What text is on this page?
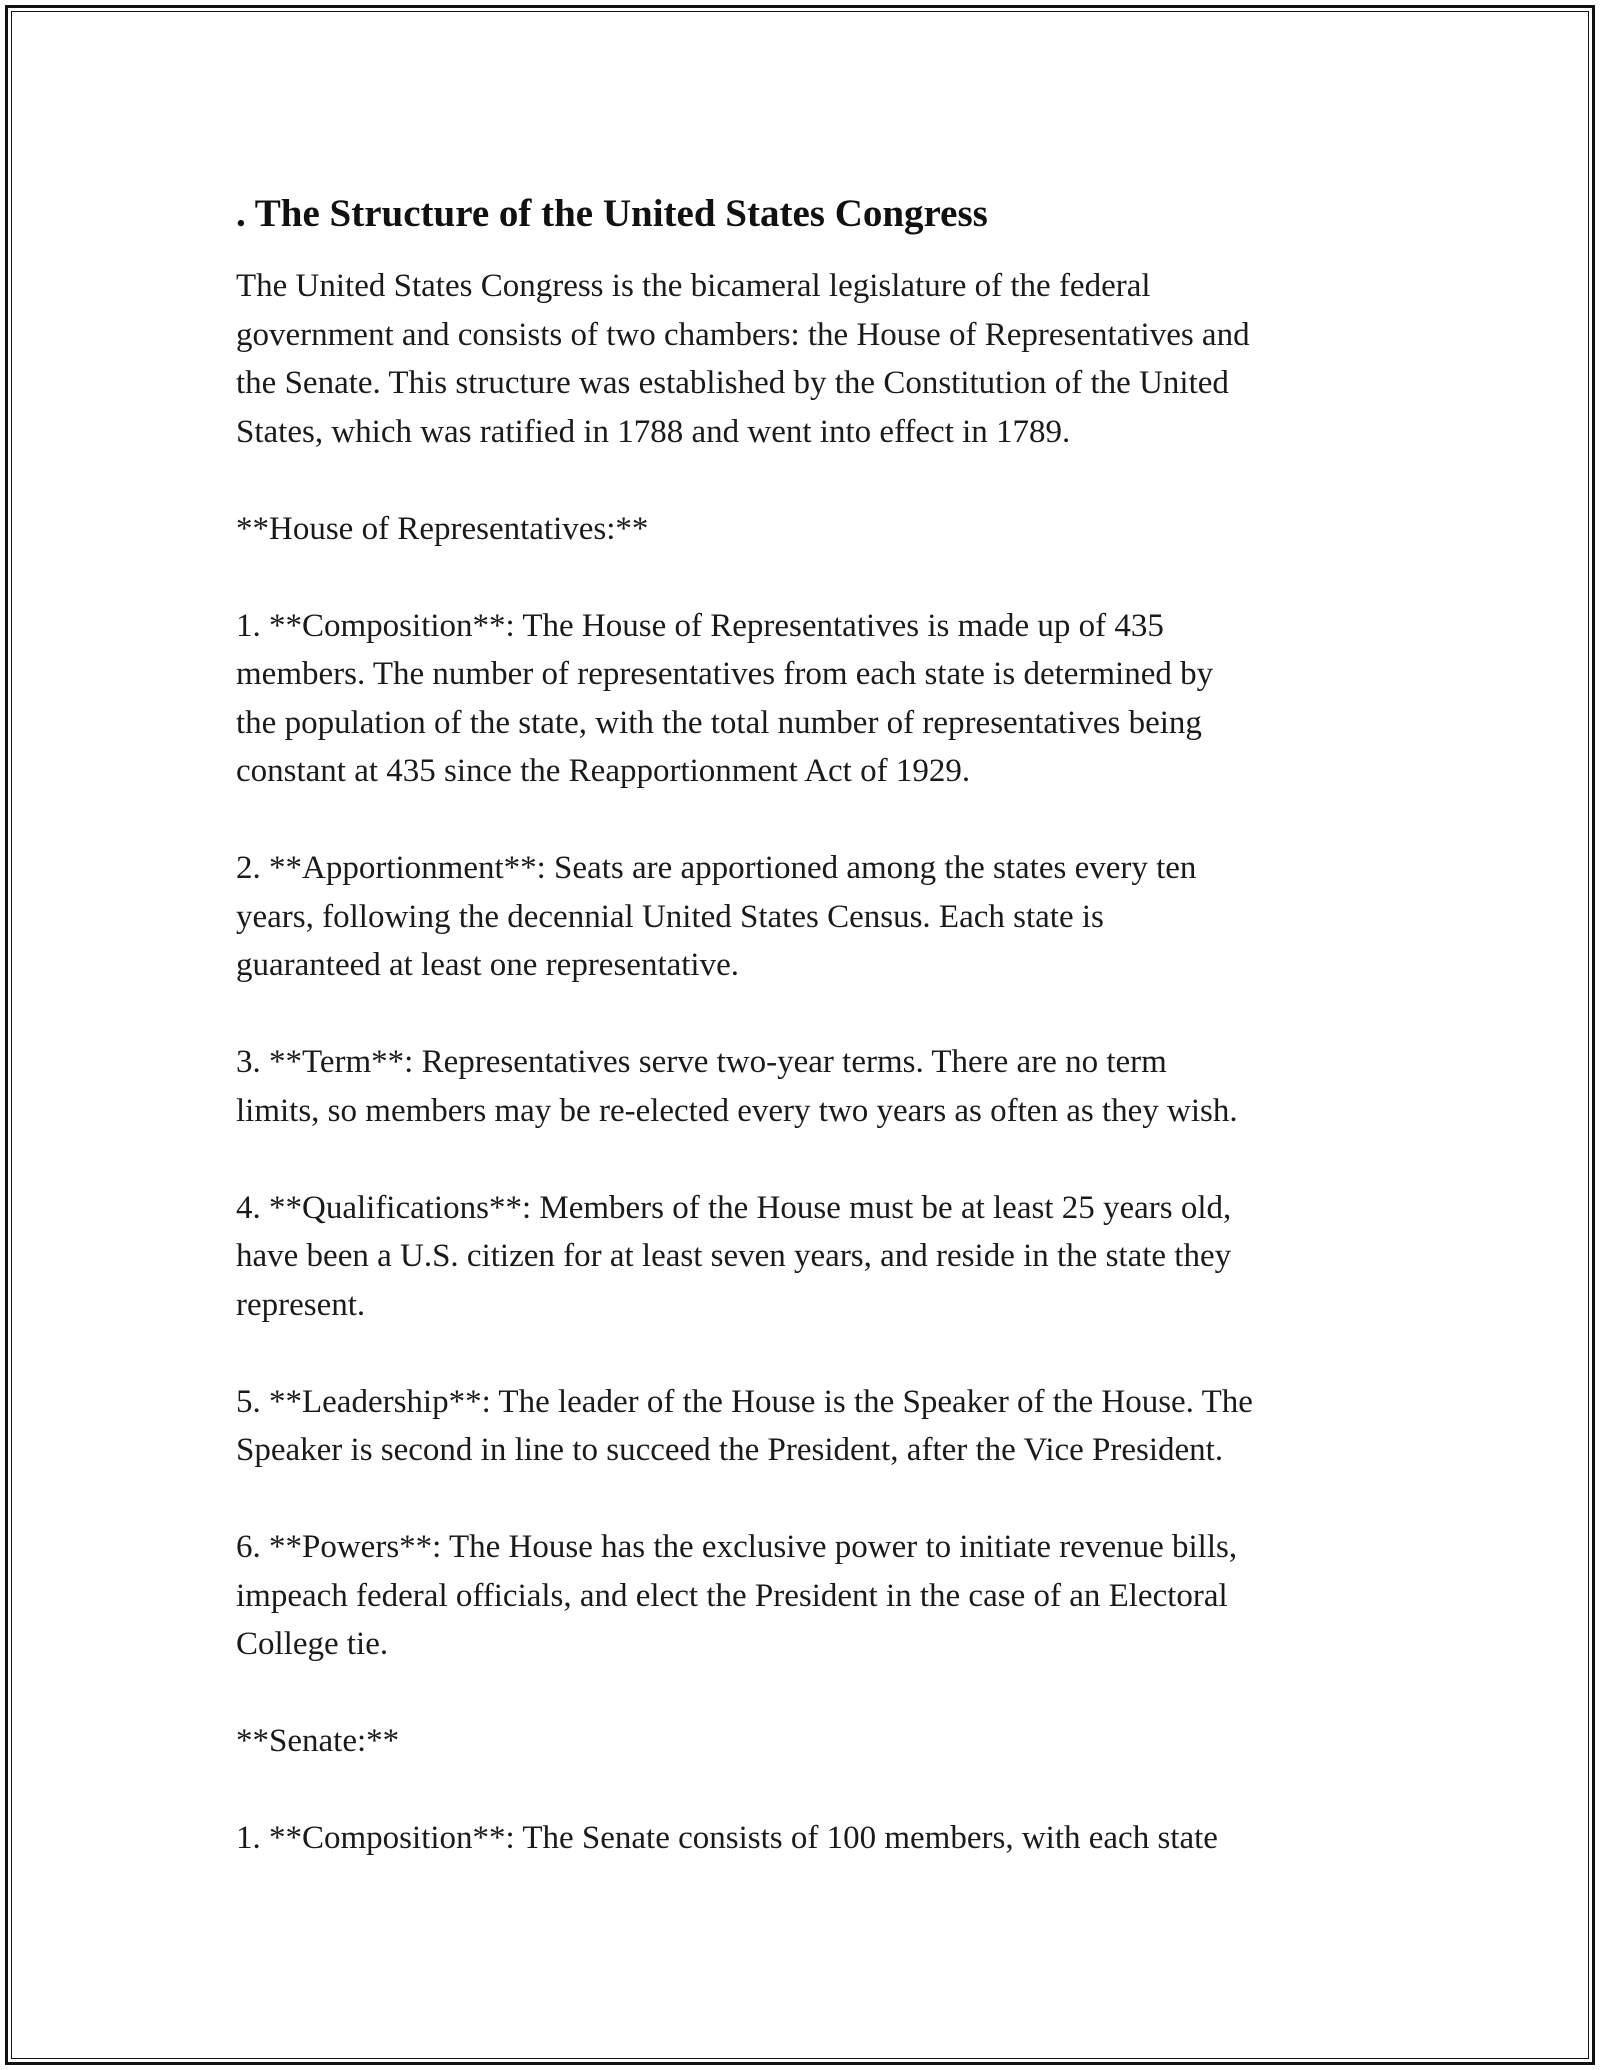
. The Structure of the United States Congress
The United States Congress is the bicameral legislature of the federal
government and consists of two chambers: the House of Representatives and
the Senate. This structure was established by the Constitution of the United
States, which was ratified in 1788 and went into effect in 1789.
**House of Representatives:**
1. **Composition**: The House of Representatives is made up of 435
members. The number of representatives from each state is determined by
the population of the state, with the total number of representatives being
constant at 435 since the Reapportionment Act of 1929.
2. **Apportionment**: Seats are apportioned among the states every ten
years, following the decennial United States Census. Each state is
guaranteed at least one representative.
3. **Term**: Representatives serve two-year terms. There are no term
limits, so members may be re-elected every two years as often as they wish.
4. **Qualifications**: Members of the House must be at least 25 years old,
have been a U.S. citizen for at least seven years, and reside in the state they
represent.
5. **Leadership**: The leader of the House is the Speaker of the House. The
Speaker is second in line to succeed the President, after the Vice President.
6. **Powers**: The House has the exclusive power to initiate revenue bills,
impeach federal officials, and elect the President in the case of an Electoral
College tie.
**Senate:**
1. **Composition**: The Senate consists of 100 members, with each state
